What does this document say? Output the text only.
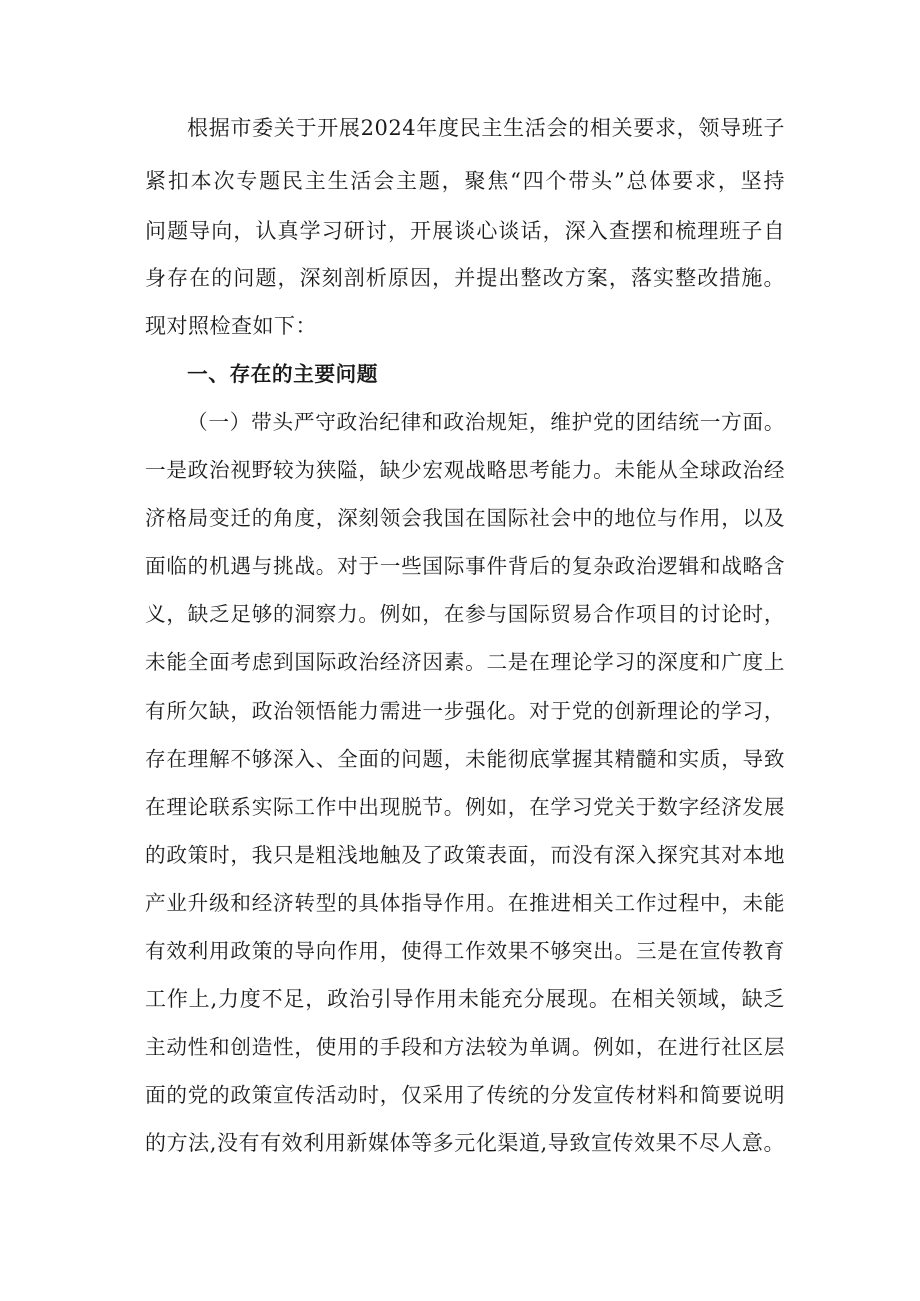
根据市委关于开展2024年度民主生活会的相关要求，领导班子
紧扣本次专题民主生活会主题，聚焦“四个带头”总体要求，坚持
问题导向，认真学习研讨，开展谈心谈话，深入查摆和梳理班子自
身存在的问题，深刻剖析原因，并提出整改方案，落实整改措施。
现对照检查如下：
一、存在的主要问题
（一）带头严守政治纪律和政治规矩，维护党的团结统一方面。
一是政治视野较为狭隘，缺少宏观战略思考能力。未能从全球政治经
济格局变迁的角度，深刻领会我国在国际社会中的地位与作用，以及
面临的机遇与挑战。对于一些国际事件背后的复杂政治逻辑和战略含
义，缺乏足够的洞察力。例如，在参与国际贸易合作项目的讨论时，
未能全面考虑到国际政治经济因素。二是在理论学习的深度和广度上
有所欠缺，政治领悟能力需进一步强化。对于党的创新理论的学习，
存在理解不够深入、全面的问题，未能彻底掌握其精髓和实质，导致
在理论联系实际工作中出现脱节。例如，在学习党关于数字经济发展
的政策时，我只是粗浅地触及了政策表面，而没有深入探究其对本地
产业升级和经济转型的具体指导作用。在推进相关工作过程中，未能
有效利用政策的导向作用，使得工作效果不够突出。三是在宣传教育
工作上,力度不足，政治引导作用未能充分展现。在相关领域，缺乏
主动性和创造性，使用的手段和方法较为单调。例如，在进行社区层
面的党的政策宣传活动时，仅采用了传统的分发宣传材料和简要说明
的方法,没有有效利用新媒体等多元化渠道,导致宣传效果不尽人意。
